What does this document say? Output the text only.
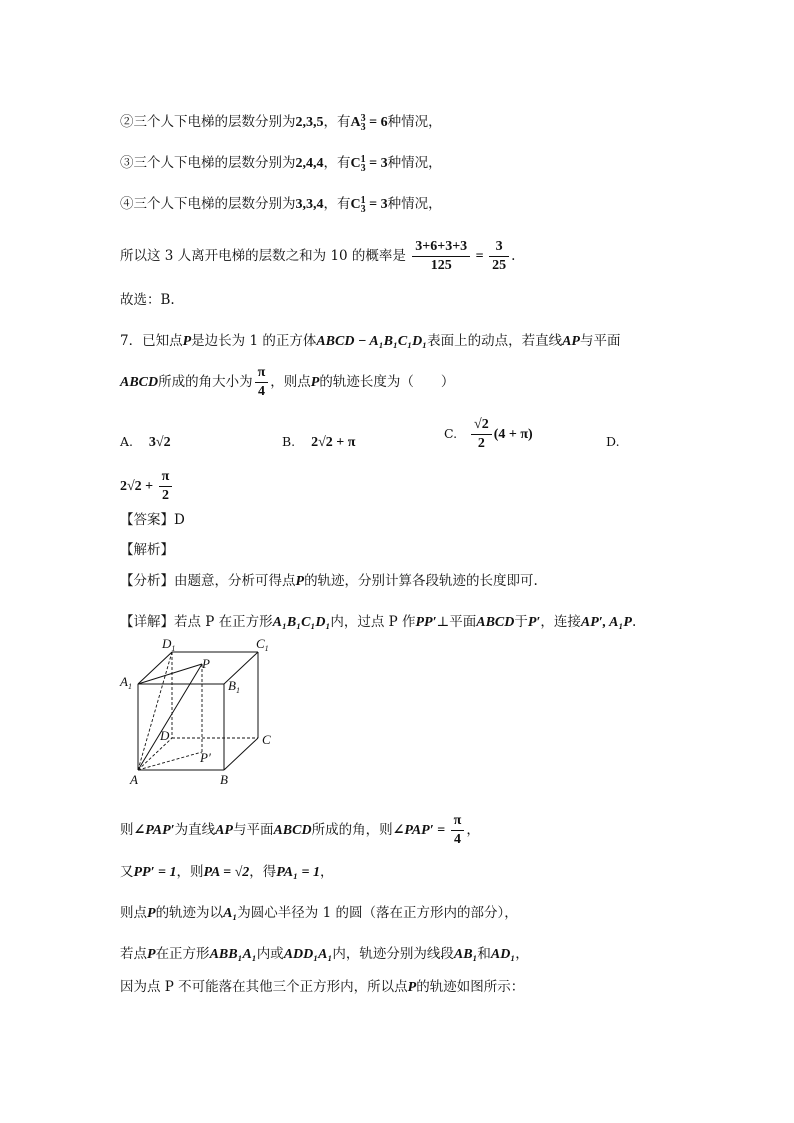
②三个人下电梯的层数分别为2,3,5，有A 3
3 = 6种情况，
③三个人下电梯的层数分别为2,4,4，有C 1
3 = 3种情况，
④三个人下电梯的层数分别为3,3,4，有C 1
3 = 3种情况，
所以这 3 人离开电梯的层数之和为 10 的概率是 $\frac{3+6+3+3}{125} = \frac{3}{25}$ .
故选：B.
7．已知点P是边长为 1 的正方体ABCD − A₁B₁C₁D₁表面上的动点，若直线AP与平面
ABCD所成的角大小为 $\frac{\pi}{4}$ ，则点P的轨迹长度为（　　）
A. 3√2	B. 2√2 + π
C. $\frac{√2}{2} (4 + \pi)$	D.
$2√2 + \frac{\pi}{2}$
【答案】D
【解析】
【分析】由题意，分析可得点P的轨迹，分别计算各段轨迹的长度即可.
【详解】若点 P 在正方形A₁B₁C₁D₁内，过点 P 作PP′⊥平面ABCD于P′，连接AP′, A₁P.
$D_1$	$C_1$
$A_1$	$B_1$
P
D
P′
C
A	B
则∠PAP′为直线AP与平面ABCD所成的角，则∠PAP′ = $\frac{\pi}{4}$ ，
又PP′ = 1，则PA = √2，得PA₁ = 1，
则点P的轨迹为以A₁为圆心半径为 1 的圆（落在正方形内的部分），
若点P在正方形ABB₁A₁内或ADD₁A₁内，轨迹分别为线段AB₁和AD₁，
因为点 P 不可能落在其他三个正方形内，所以点P的轨迹如图所示：
